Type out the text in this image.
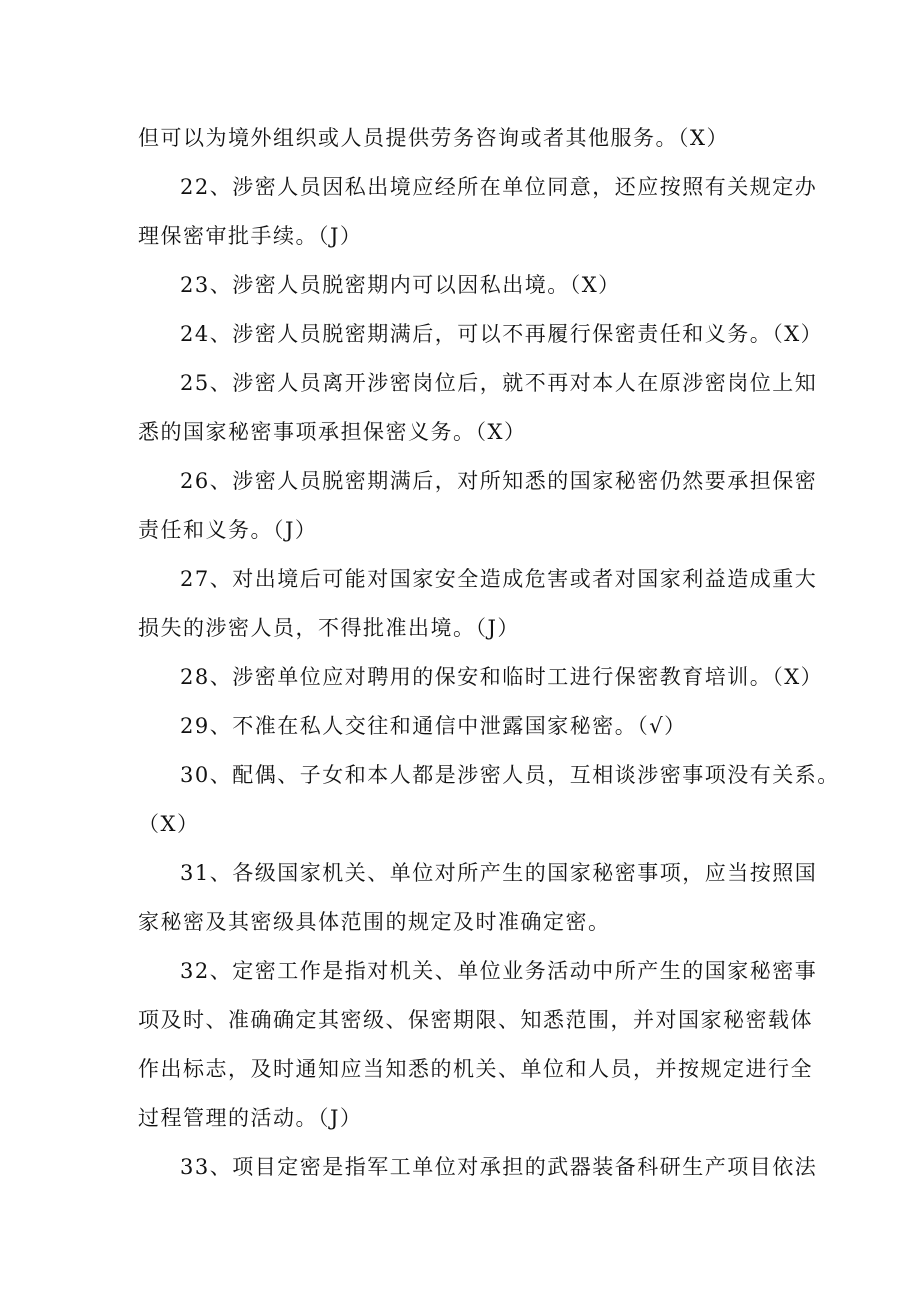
但可以为境外组织或人员提供劳务咨询或者其他服务。（X）
22、涉密人员因私出境应经所在单位同意，还应按照有关规定办
理保密审批手续。（J）
23、涉密人员脱密期内可以因私出境。（X）
24、涉密人员脱密期满后，可以不再履行保密责任和义务。（X）
25、涉密人员离开涉密岗位后，就不再对本人在原涉密岗位上知
悉的国家秘密事项承担保密义务。（X）
26、涉密人员脱密期满后，对所知悉的国家秘密仍然要承担保密
责任和义务。（J）
27、对出境后可能对国家安全造成危害或者对国家利益造成重大
损失的涉密人员，不得批准出境。（J）
28、涉密单位应对聘用的保安和临时工进行保密教育培训。（X）
29、不准在私人交往和通信中泄露国家秘密。（√）
30、配偶、子女和本人都是涉密人员，互相谈涉密事项没有关系。
（X）
31、各级国家机关、单位对所产生的国家秘密事项，应当按照国
家秘密及其密级具体范围的规定及时准确定密。
32、定密工作是指对机关、单位业务活动中所产生的国家秘密事
项及时、准确确定其密级、保密期限、知悉范围，并对国家秘密载体
作出标志，及时通知应当知悉的机关、单位和人员，并按规定进行全
过程管理的活动。（J）
33、项目定密是指军工单位对承担的武器装备科研生产项目依法
